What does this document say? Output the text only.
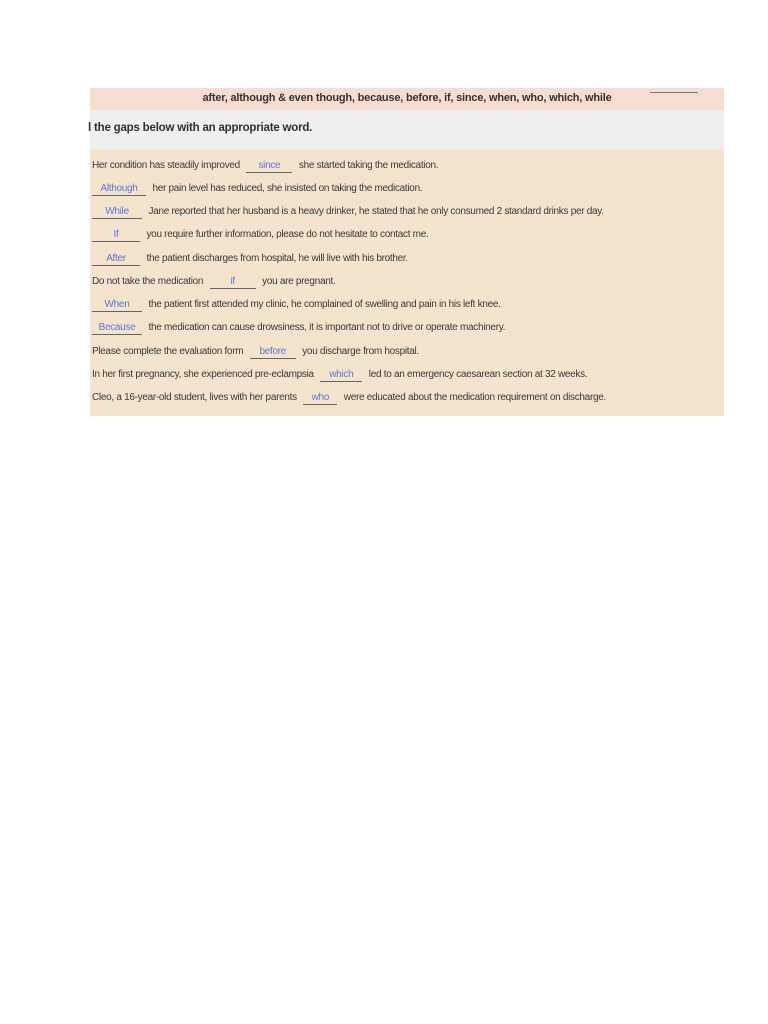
after, although & even though, because, before, if, since, when, who, which, while
l the gaps below with an appropriate word.
Her condition has steadily improved since she started taking the medication.
Although her pain level has reduced, she insisted on taking the medication.
While Jane reported that her husband is a heavy drinker, he stated that he only consumed 2 standard drinks per day.
If	you require further information, please do not hesitate to contact me.
After the patient discharges from hospital, he will live with his brother.
Do not take the medication	if	you are pregnant.
When the patient first attended my clinic, he complained of swelling and pain in his left knee.
Because the medication can cause drowsiness, it is important not to drive or operate machinery.
Please complete the evaluation form before you discharge from hospital.
In her first pregnancy, she experienced pre-eclampsia which led to an emergency caesarean section at 32 weeks.
Cleo, a 16-year-old student, lives with her parents who were educated about the medication requirement on discharge.
